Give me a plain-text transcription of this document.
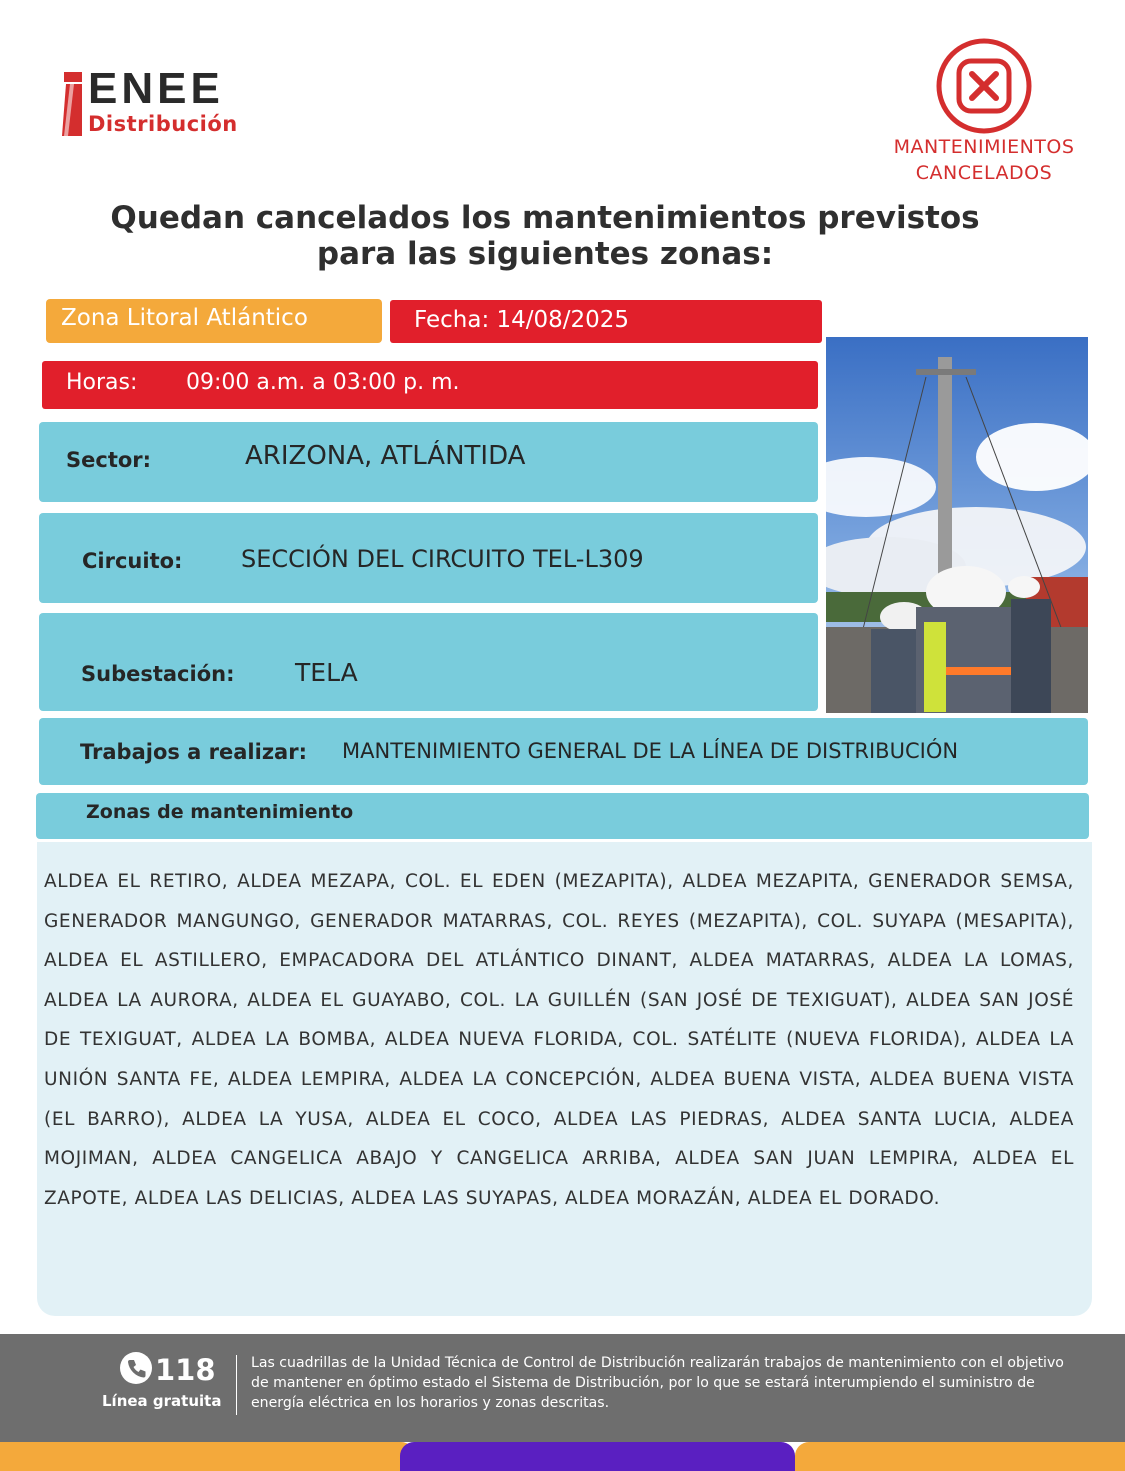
ENEE
Distribución
MANTENIMIENTOS
CANCELADOS
Quedan cancelados los mantenimientos previstos
para las siguientes zonas:
Zona Litoral Atlántico	Fecha: 14/08/2025
Horas: 09:00 a.m. a 03:00 p. m.
Sector:	ARIZONA, ATLÁNTIDA
Circuito: SECCIÓN DEL CIRCUITO TEL-L309
Subestación: TELA
Trabajos a realizar: MANTENIMIENTO GENERAL DE LA LÍNEA DE DISTRIBUCIÓN
Zonas de mantenimiento

ALDEA EL RETIRO, ALDEA MEZAPA, COL. EL EDEN (MEZAPITA), ALDEA MEZAPITA, GENERADOR SEMSA, GENERADOR MANGUNGO, GENERADOR MATARRAS, COL. REYES (MEZAPITA), COL. SUYAPA (MESAPITA), ALDEA EL ASTILLERO, EMPACADORA DEL ATLÁNTICO DINANT, ALDEA MATARRAS, ALDEA LA LOMAS, ALDEA LA AURORA, ALDEA EL GUAYABO, COL. LA GUILLÉN (SAN JOSÉ DE TEXIGUAT), ALDEA SAN JOSÉ DE TEXIGUAT, ALDEA LA BOMBA, ALDEA NUEVA FLORIDA, COL. SATÉLITE (NUEVA FLORIDA), ALDEA LA UNIÓN SANTA FE, ALDEA LEMPIRA, ALDEA LA CONCEPCIÓN, ALDEA BUENA VISTA, ALDEA BUENA VISTA (EL BARRO), ALDEA LA YUSA, ALDEA EL COCO, ALDEA LAS PIEDRAS, ALDEA SANTA LUCIA, ALDEA MOJIMAN, ALDEA CANGELICA ABAJO Y CANGELICA ARRIBA, ALDEA SAN JUAN LEMPIRA, ALDEA EL ZAPOTE, ALDEA LAS DELICIAS, ALDEA LAS SUYAPAS, ALDEA MORAZÁN, ALDEA EL DORADO.

118
Línea gratuita
Las cuadrillas de la Unidad Técnica de Control de Distribución realizarán trabajos de mantenimiento con el objetivo de mantener en óptimo estado el Sistema de Distribución, por lo que se estará interumpiendo el suministro de energía eléctrica en los horarios y zonas descritas.
